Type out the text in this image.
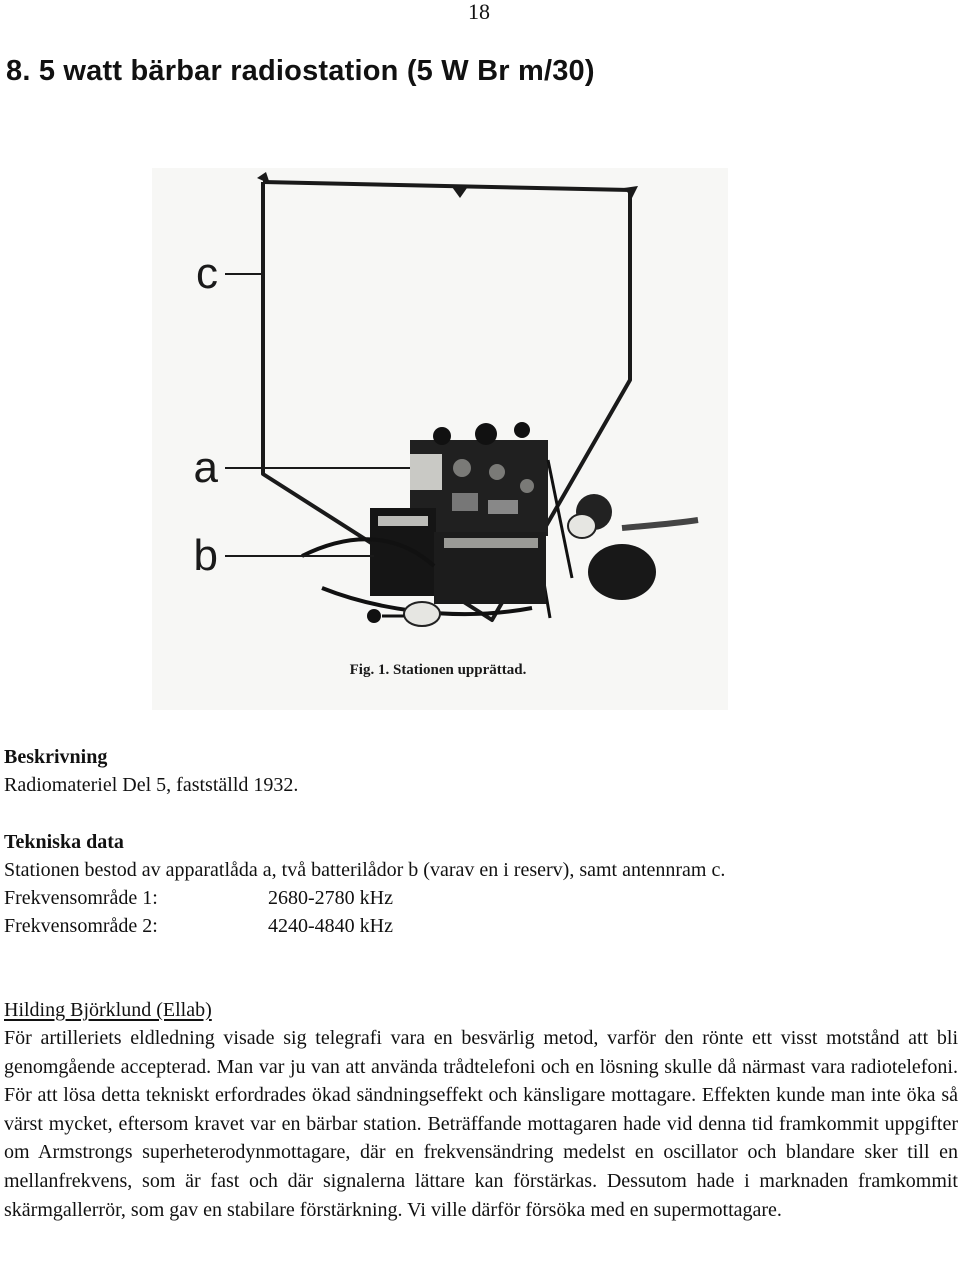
18
8. 5 watt bärbar radiostation (5 W Br m/30)
c
a
b
Fig. 1. Stationen upprättad.
Beskrivning
Radiomateriel Del 5, fastställd 1932.
Tekniska data
Stationen bestod av apparatlåda a, två batterilådor b (varav en i reserv), samt antennram c.
Frekvensområde 1:	2680-2780 kHz
Frekvensområde 2:	4240-4840 kHz
Hilding Björklund (Ellab)

För artilleriets eldledning visade sig telegrafi vara en besvärlig metod, varför den rönte ett visst motstånd att bli genomgående accepterad. Man var ju van att använda trådtelefoni och en lösning skulle då närmast vara radiotelefoni. För att lösa detta tekniskt erfordrades ökad sändningseffekt och känsligare mottagare. Effekten kunde man inte öka så värst mycket, eftersom kravet var en bärbar station. Beträffande mottagaren hade vid denna tid framkommit uppgifter om Armstrongs superheterodynmottagare, där en frekvensändring medelst en oscillator och blandare sker till en mellanfrekvens, som är fast och där signalerna lättare kan förstärkas. Dessutom hade i marknaden framkommit skärmgallerrör, som gav en stabilare förstärkning. Vi ville därför försöka med en supermottagare.
